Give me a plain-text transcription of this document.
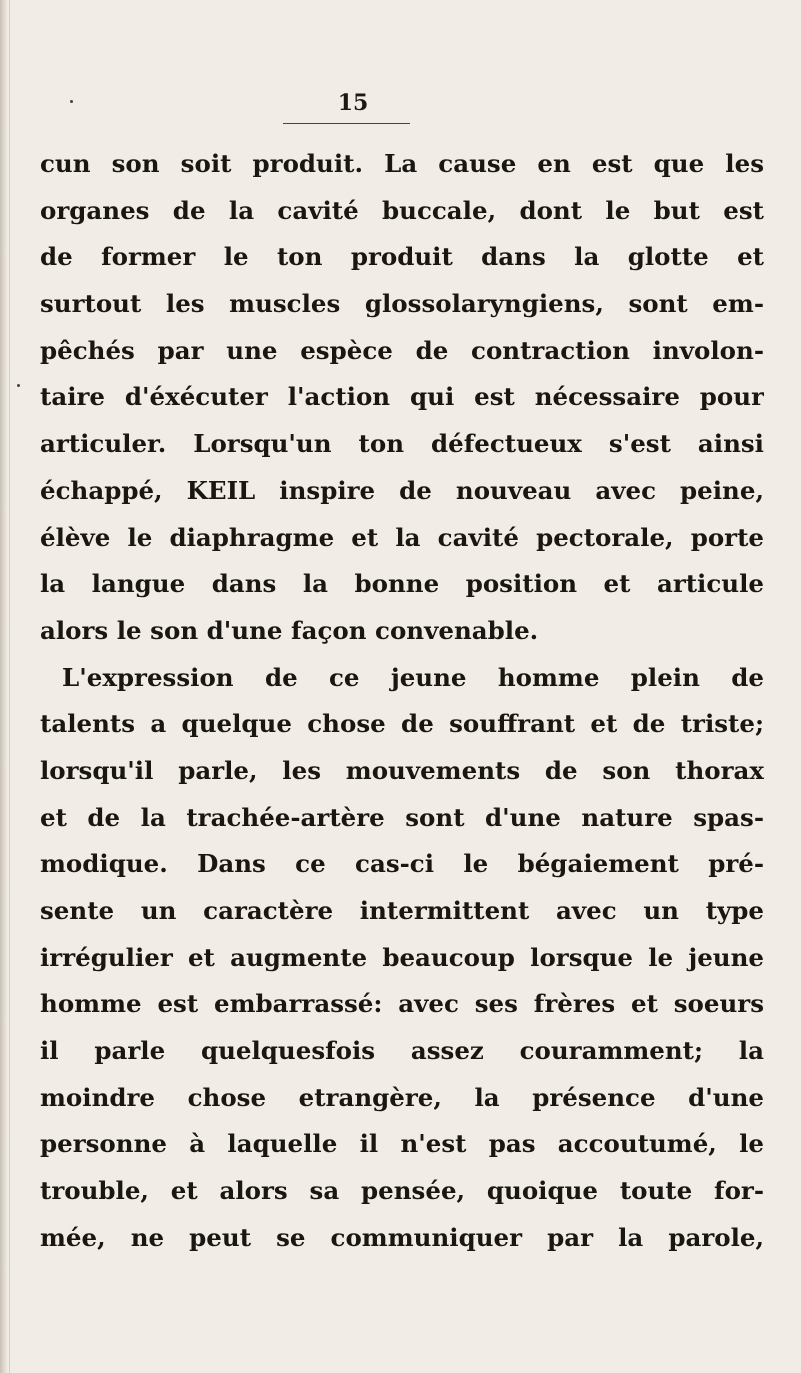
15
cun son soit produit. La cause en est que les
organes de la cavité buccale, dont le but est
de former le ton produit dans la glotte et
surtout les muscles glossolaryngiens, sont em-
pêchés par une espèce de contraction involon-
taire d'éxécuter l'action qui est nécessaire pour
articuler. Lorsqu'un ton défectueux s'est ainsi
échappé, KEIL inspire de nouveau avec peine,
élève le diaphragme et la cavité pectorale, porte
la langue dans la bonne position et articule
alors le son d'une façon convenable.
L'expression de ce jeune homme plein de
talents a quelque chose de souffrant et de triste;
lorsqu'il parle, les mouvements de son thorax
et de la trachée-artère sont d'une nature spas-
modique. Dans ce cas-ci le bégaiement pré-
sente un caractère intermittent avec un type
irrégulier et augmente beaucoup lorsque le jeune
homme est embarrassé: avec ses frères et soeurs
il parle quelquesfois assez couramment; la
moindre chose etrangère, la présence d'une
personne à laquelle il n'est pas accoutumé, le
trouble, et alors sa pensée, quoique toute for-
mée, ne peut se communiquer par la parole,
